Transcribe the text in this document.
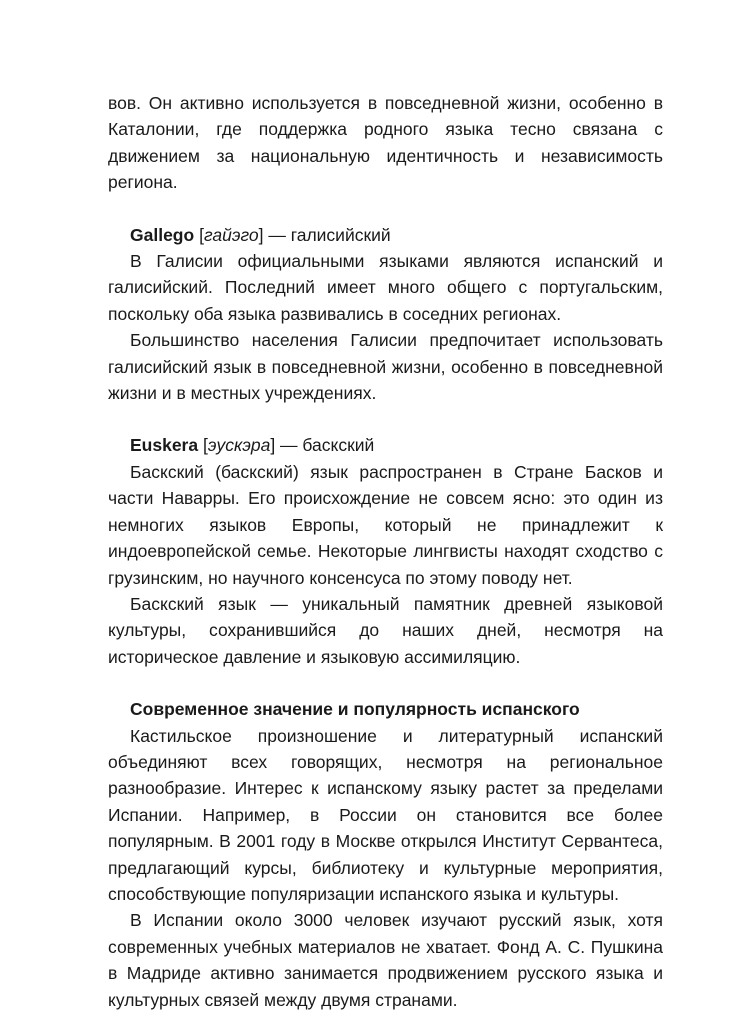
вов. Он активно используется в повседневной жизни, особенно в Каталонии, где поддержка родного языка тесно связана с движением за национальную идентичность и независимость региона.

Gallego [гайэго] — галисийский

В Галисии официальными языками являются испанский и галисийский. Последний имеет много общего с португальским, поскольку оба языка развивались в соседних регионах.

Большинство населения Галисии предпочитает использовать галисийский язык в повседневной жизни, особенно в повседневной жизни и в местных учреждениях.

Euskera [эускэра] — баскский

Баскский (баскский) язык распространен в Стране Басков и части Наварры. Его происхождение не совсем ясно: это один из немногих языков Европы, который не принадлежит к индоевропейской семье. Некоторые лингвисты находят сходство с грузинским, но научного консенсуса по этому поводу нет.

Баскский язык — уникальный памятник древней языковой культуры, сохранившийся до наших дней, несмотря на историческое давление и языковую ассимиляцию.

Современное значение и популярность испанского

Кастильское произношение и литературный испанский объединяют всех говорящих, несмотря на региональное разнообразие. Интерес к испанскому языку растет за пределами Испании. Например, в России он становится все более популярным. В 2001 году в Москве открылся Институт Сервантеса, предлагающий курсы, библиотеку и культурные мероприятия, способствующие популяризации испанского языка и культуры.

В Испании около 3000 человек изучают русский язык, хотя современных учебных материалов не хватает. Фонд А. С. Пушкина в Мадриде активно занимается продвижением русского языка и культурных связей между двумя странами.
